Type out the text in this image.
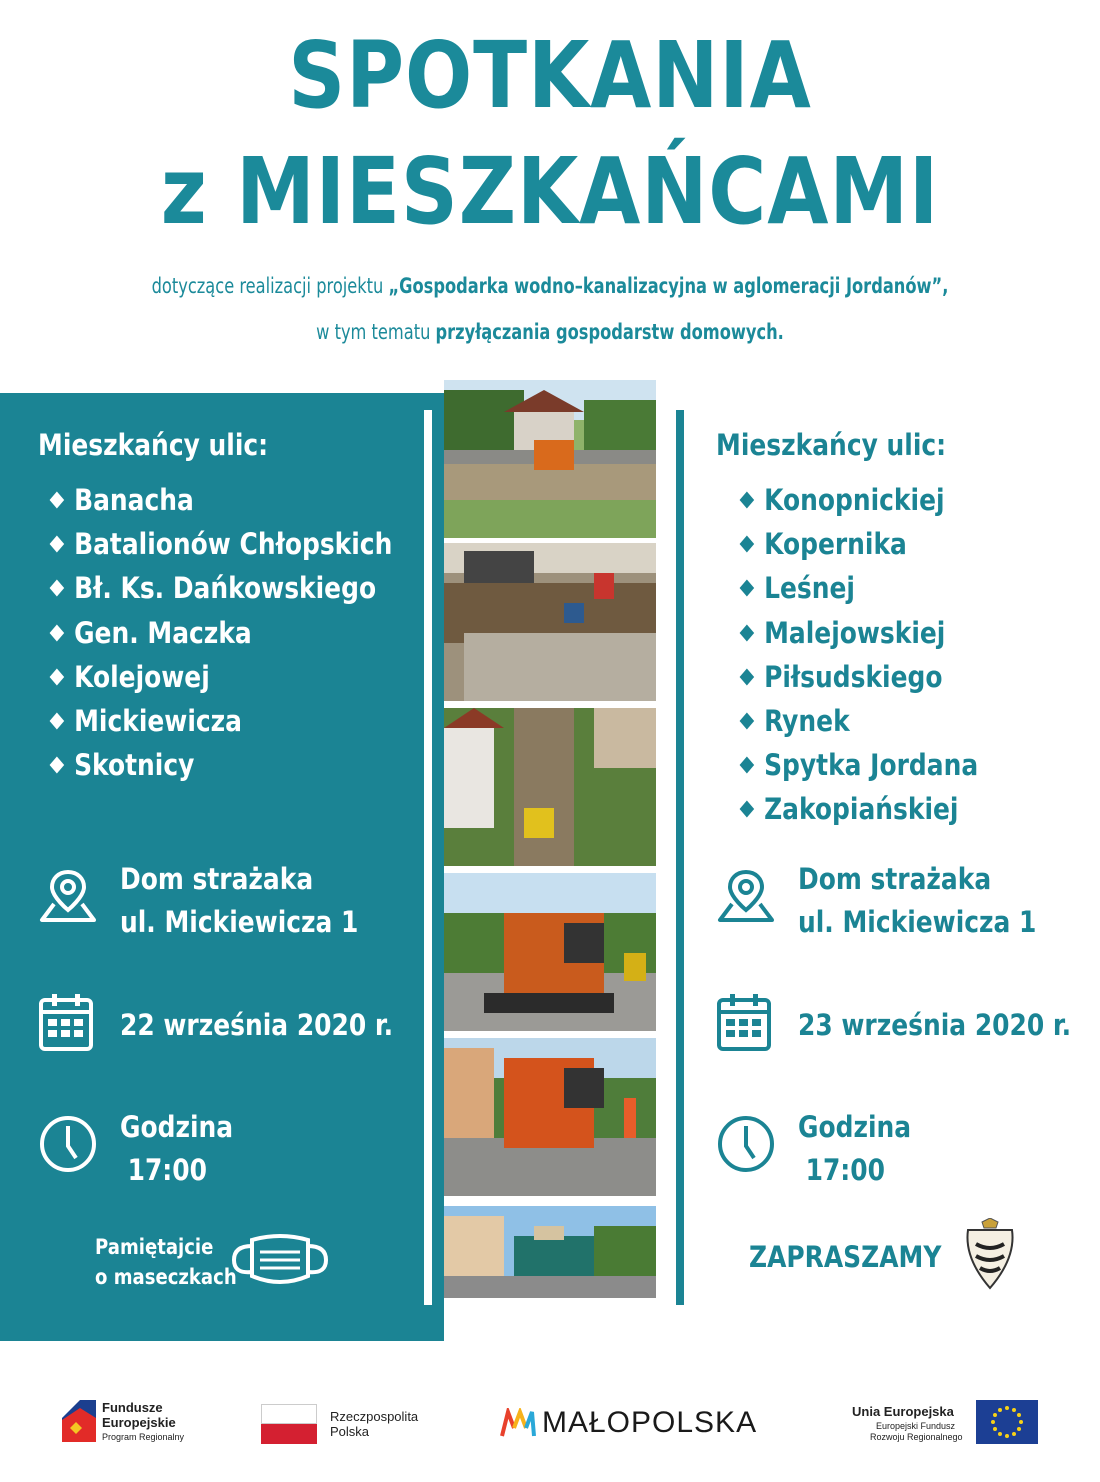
SPOTKANIA
z MIESZKAŃCAMI
dotyczące realizacji projektu „Gospodarka wodno–kanalizacyjna w aglomeracji Jordanów”,
w tym tematu przyłączania gospodarstw domowych.
Mieszkańcy ulic:
Banacha
Batalionów Chłopskich
Bł. Ks. Dańkowskiego
Gen. Maczka
Kolejowej
Mickiewicza
Skotnicy
Dom strażaka
ul. Mickiewicza 1
22 września 2020 r.
Godzina
17:00
Pamiętajcie
o maseczkach
Mieszkańcy ulic:
Konopnickiej
Kopernika
Leśnej
Malejowskiej
Piłsudskiego
Rynek
Spytka Jordana
Zakopiańskiej
Dom strażaka
ul. Mickiewicza 1
23 września 2020 r.
Godzina
17:00
ZAPRASZAMY
Fundusze
Europejskie
Program Regionalny
Rzeczpospolita
Polska	MAŁOPOLSKA	Unia Europejska
Europejski Fundusz
Rozwoju Regionalnego
